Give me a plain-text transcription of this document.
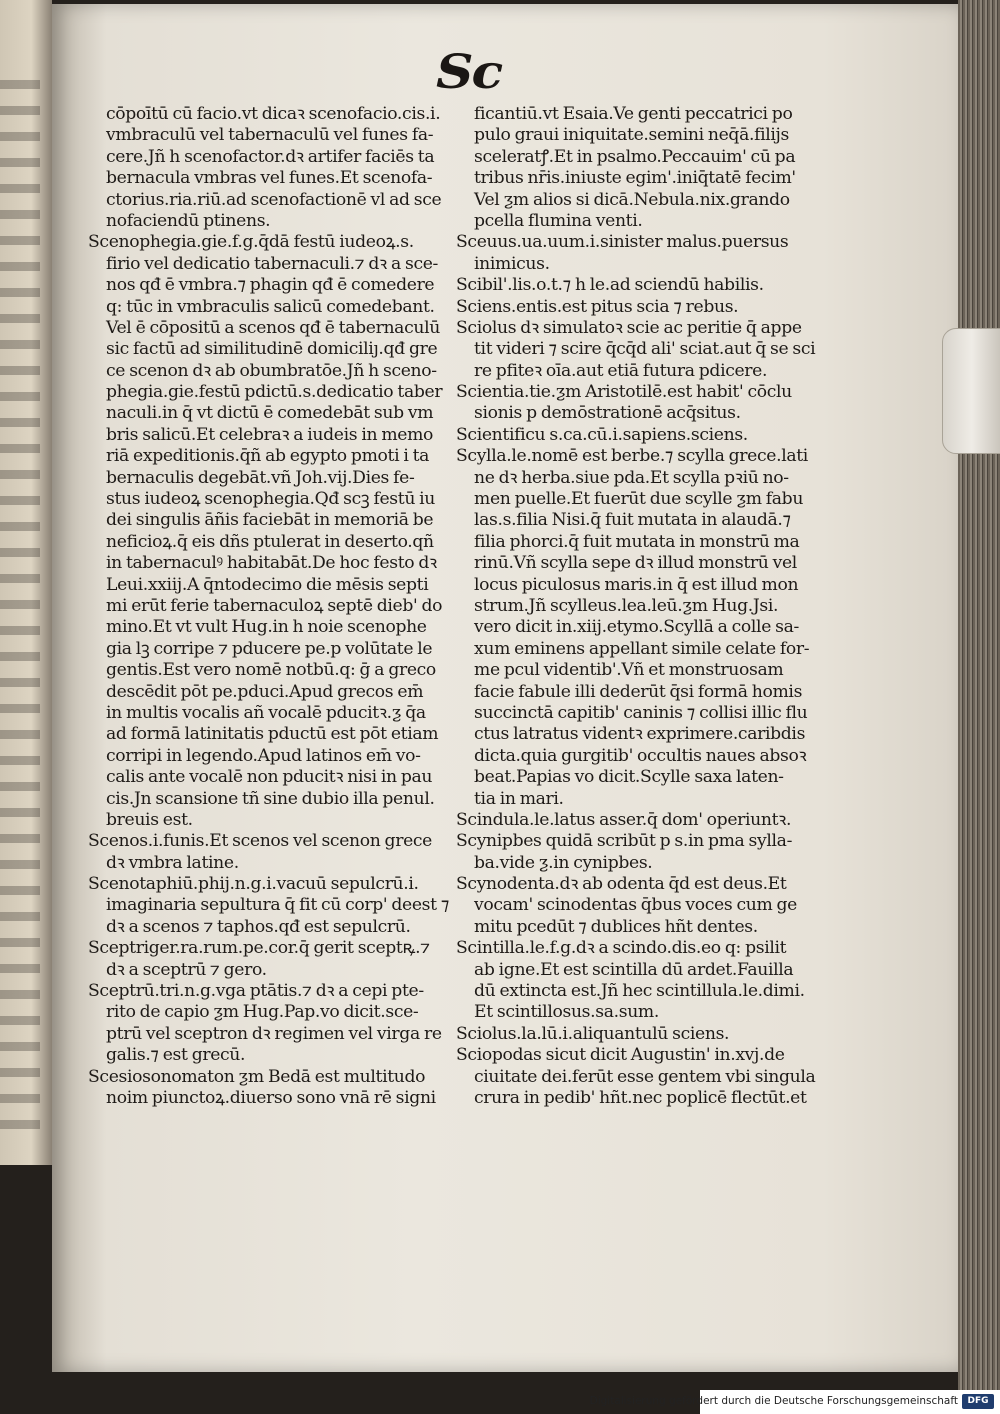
Sc
cōpoītū cū facio.vt dicaꝛ scenofacio.cis.i.
vmbraculū vel tabernaculū vel funes fa-
cere.Jñ h scenofactor.dꝛ artifer faciēs ta
bernacula vmbras vel funes.Et scenofa-
ctorius.ria.riū.ad scenofactionē vl ad sce
nofaciendū ptinens.
Scenophegia.gie.f.g.q̄dā festū iudeoꝝ.s.
firio vel dedicatio tabernaculi.⁊ dꝛ a sce-
nos qđ ē vmbra.⁊ phagin qđ ē comedere
q: tūc in vmbraculis salicū comedebant.
Vel ē cōpositū a scenos qđ ē tabernaculū
sic factū ad similitudinē domiciliȷ.qđ gre
ce scenon dꝛ ab obumbratōe.Jñ h sceno-
phegia.gie.festū pdictū.s.dedicatio taber
naculi.in q̄ vt dictū ē comedebāt sub vm
bris salicū.Et celebraꝛ a iudeis in memo
riā expeditionis.q̄ñ ab egypto pmoti i ta
bernaculis degebāt.vñ Joh.vij.Dies fe-
stus iudeoꝝ scenophegia.Qđ scꝫ festū iu
dei singulis āñis faciebāt in memoriā be
neficioꝝ.q̄ eis dñs ptulerat in deserto.qñ
in tabernaculꝰ habitabāt.De hoc festo dꝛ
Leui.xxiij.A q̄ntodecimo die mēsis septi
mi erūt ferie tabernaculoꝝ septē dieb' do
mino.Et vt vult Hug.in h noie scenophe
gia lꝫ corripe ⁊ pducere pe.p volūtate le
gentis.Est vero nomē notbū.q: ḡ a greco
descēdit pōt pe.pduci.Apud grecos em̄
in multis vocalis añ vocalē pducitꝛ.ƺ q̄a
ad formā latinitatis pductū est pōt etiam
corripi in legendo.Apud latinos em̄ vo-
calis ante vocalē non pducitꝛ nisi in pau
cis.Jn scansione tñ sine dubio illa penul.
breuis est.
Scenos.i.funis.Et scenos vel scenon grece
dꝛ vmbra latine.
Scenotaphiū.phij.n.g.i.vacuū sepulcrū.i.
imaginaria sepultura q̄ fit cū corp' deest ⁊
dꝛ a scenos ⁊ taphos.qđ est sepulcrū.
Sceptriger.ra.rum.pe.cor.q̄ gerit sceptꝶ.⁊
dꝛ a sceptrū ⁊ gero.
Sceptrū.tri.n.g.vga ptātis.⁊ dꝛ a cepi pte-
rito de capio ƺm Hug.Pap.vo dicit.sce-
ptrū vel sceptron dꝛ regimen vel virga re
galis.⁊ est grecū.
Scesiosonomaton ƺm Bedā est multitudo
noim piunctoꝝ.diuerso sono vnā rē signi
ficantiū.vt Esaia.Ve genti peccatrici po
pulo graui iniquitate.semini neq̄ā.filijs
sceleratꝭ.Et in psalmo.Peccauim' cū pa
tribus nr̄is.iniuste egim'.iniq̄tatē fecim'
Vel ƺm alios si dicā.Nebula.nix.grando
pcella flumina venti.
Sceuus.ua.uum.i.sinister malus.puersus
inimicus.
Scibil'.lis.o.t.⁊ h le.ad sciendū habilis.
Sciens.entis.est pitus scia ⁊ rebus.
Sciolus dꝛ simulatoꝛ scie ac peritie q̄ appe
tit videri ⁊ scire q̄cq̄d ali' sciat.aut q̄ se sci
re pfiteꝛ oīa.aut etiā futura pdicere.
Scientia.tie.ƺm Aristotilē.est habit' cōclu
sionis p demōstrationē acq̄situs.
Scientificu s.ca.cū.i.sapiens.sciens.
Scylla.le.nomē est berbe.⁊ scylla grece.lati
ne dꝛ herba.siue pda.Et scylla pꝛiū no-
men puelle.Et fuerūt due scylle ƺm fabu
las.s.filia Nisi.q̄ fuit mutata in alaudā.⁊
filia phorci.q̄ fuit mutata in monstrū ma
rinū.Vñ scylla sepe dꝛ illud monstrū vel
locus piculosus maris.in q̄ est illud mon
strum.Jñ scylleus.lea.leū.ƺm Hug.Jsi.
vero dicit in.xiij.etymo.Scyllā a colle sa-
xum eminens appellant simile celate for-
me pcul videntib'.Vñ et monstruosam
facie fabule illi dederūt q̄si formā homis
succinctā capitib' caninis ⁊ collisi illic flu
ctus latratus videntꝛ exprimere.caribdis
dicta.quia gurgitib' occultis naues absoꝛ
beat.Papias vo dicit.Scylle saxa laten-
tia in mari.
Scindula.le.latus asser.q̄ dom' operiuntꝛ.
Scynipbes quidā scribūt p s.in pma sylla-
ba.vide ƺ.in cynipbes.
Scynodenta.dꝛ ab odenta q̄d est deus.Et
vocam' scinodentas q̄bus voces cum ge
mitu pcedūt ⁊ dublices hñt dentes.
Scintilla.le.f.g.dꝛ a scindo.dis.eo q: psilit
ab igne.Et est scintilla dū ardet.Fauilla
dū extincta est.Jñ hec scintillula.le.dimi.
Et scintillosus.sa.sum.
Sciolus.la.lū.i.aliquantulū sciens.
Sciopodas sicut dicit Augustin' in.xvj.de
ciuitate dei.ferūt esse gentem vbi singula
crura in pedib' hñt.nec poplicē flectūt.et
Digitalisierung gefördert durch die Deutsche Forschungsgemeinschaft	DFG
